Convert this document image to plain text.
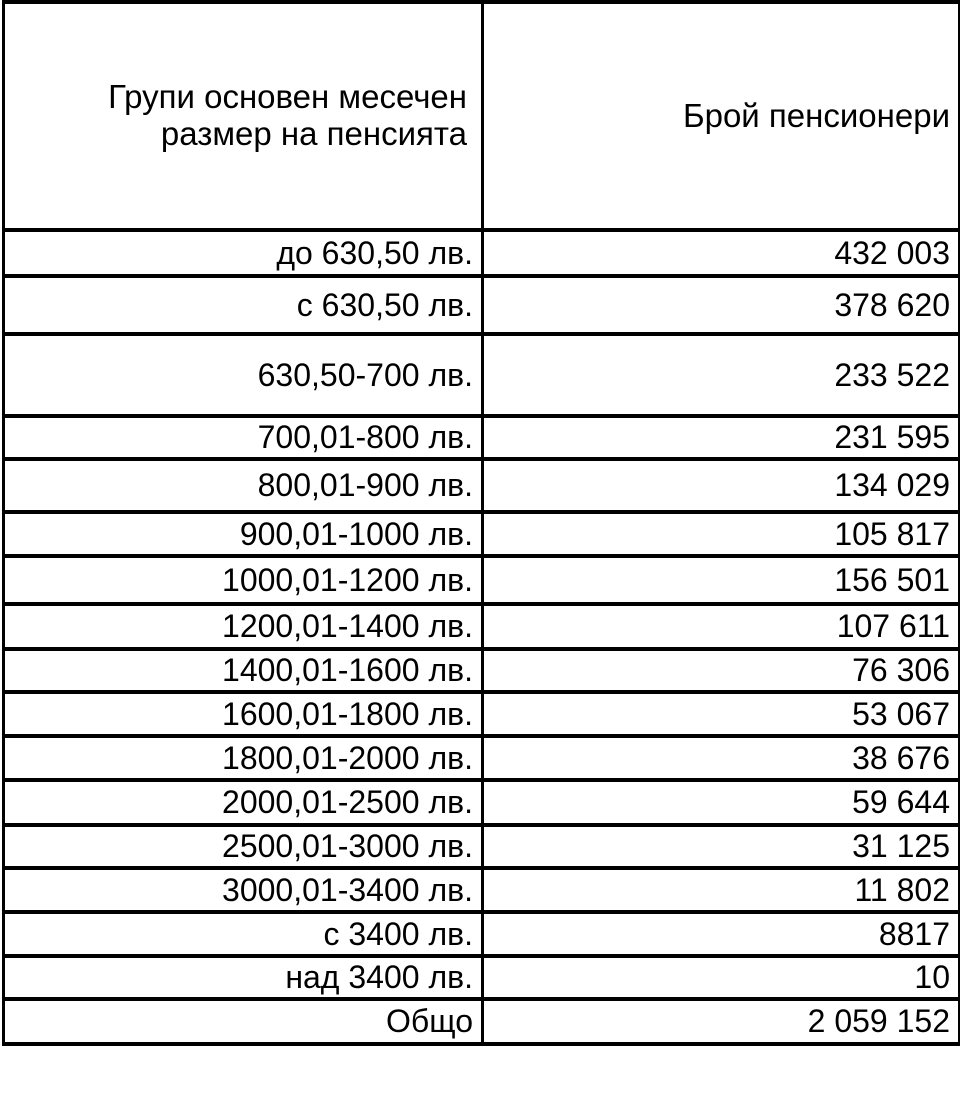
Групи основен месечен размер на пенсията	Брой пенсионери
до 630,50 лв.	432 003
с 630,50 лв.	378 620
630,50-700 лв.	233 522
700,01-800 лв.	231 595
800,01-900 лв.	134 029
900,01-1000 лв.	105 817
1000,01-1200 лв.	156 501
1200,01-1400 лв.	107 611
1400,01-1600 лв.	76 306
1600,01-1800 лв.	53 067
1800,01-2000 лв.	38 676
2000,01-2500 лв.	59 644
2500,01-3000 лв.	31 125
3000,01-3400 лв.	11 802
с 3400 лв.	8817
над 3400 лв.	10
Общо	2 059 152
